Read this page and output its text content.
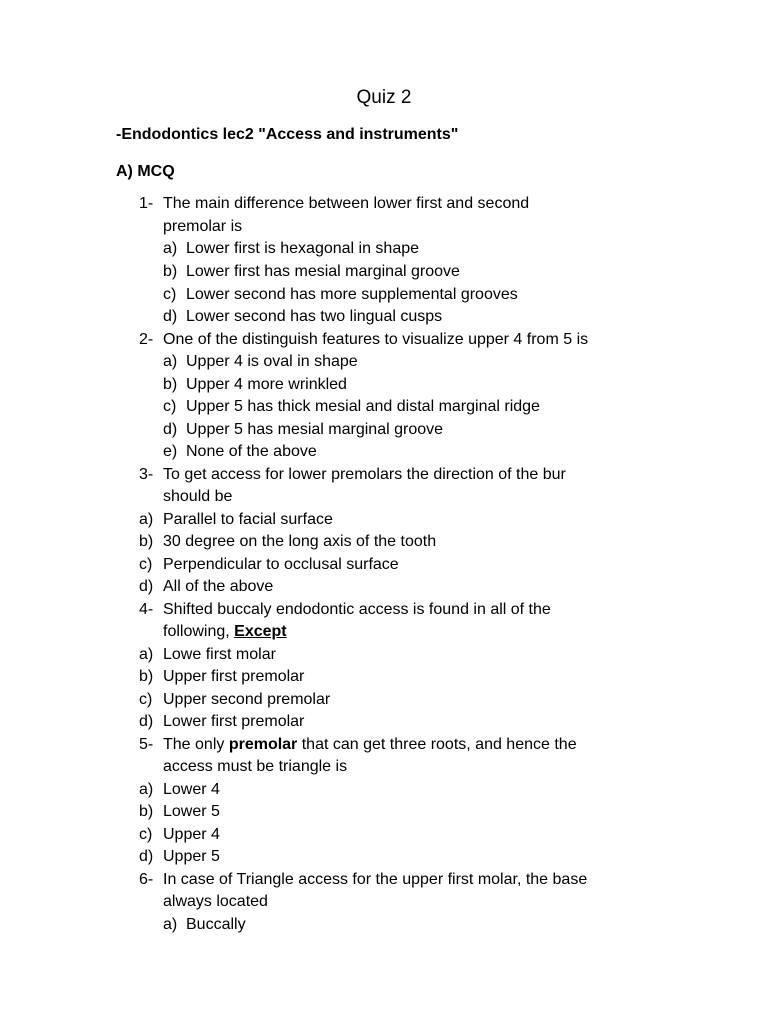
Quiz 2
-Endodontics lec2 "Access and instruments"
A) MCQ
1- The main difference between lower first and second
premolar is
a) Lower first is hexagonal in shape
b) Lower first has mesial marginal groove
c) Lower second has more supplemental grooves
d) Lower second has two lingual cusps
2- One of the distinguish features to visualize upper 4 from 5 is
a) Upper 4 is oval in shape
b) Upper 4 more wrinkled
c) Upper 5 has thick mesial and distal marginal ridge
d) Upper 5 has mesial marginal groove
e) None of the above
3- To get access for lower premolars the direction of the bur
should be
a) Parallel to facial surface
b) 30 degree on the long axis of the tooth
c) Perpendicular to occlusal surface
d) All of the above
4- Shifted buccaly endodontic access is found in all of the
following, Except
a) Lowe first molar
b) Upper first premolar
c) Upper second premolar
d) Lower first premolar
5- The only premolar that can get three roots, and hence the
access must be triangle is
a) Lower 4
b) Lower 5
c) Upper 4
d) Upper 5
6- In case of Triangle access for the upper first molar, the base
always located
a) Buccally
